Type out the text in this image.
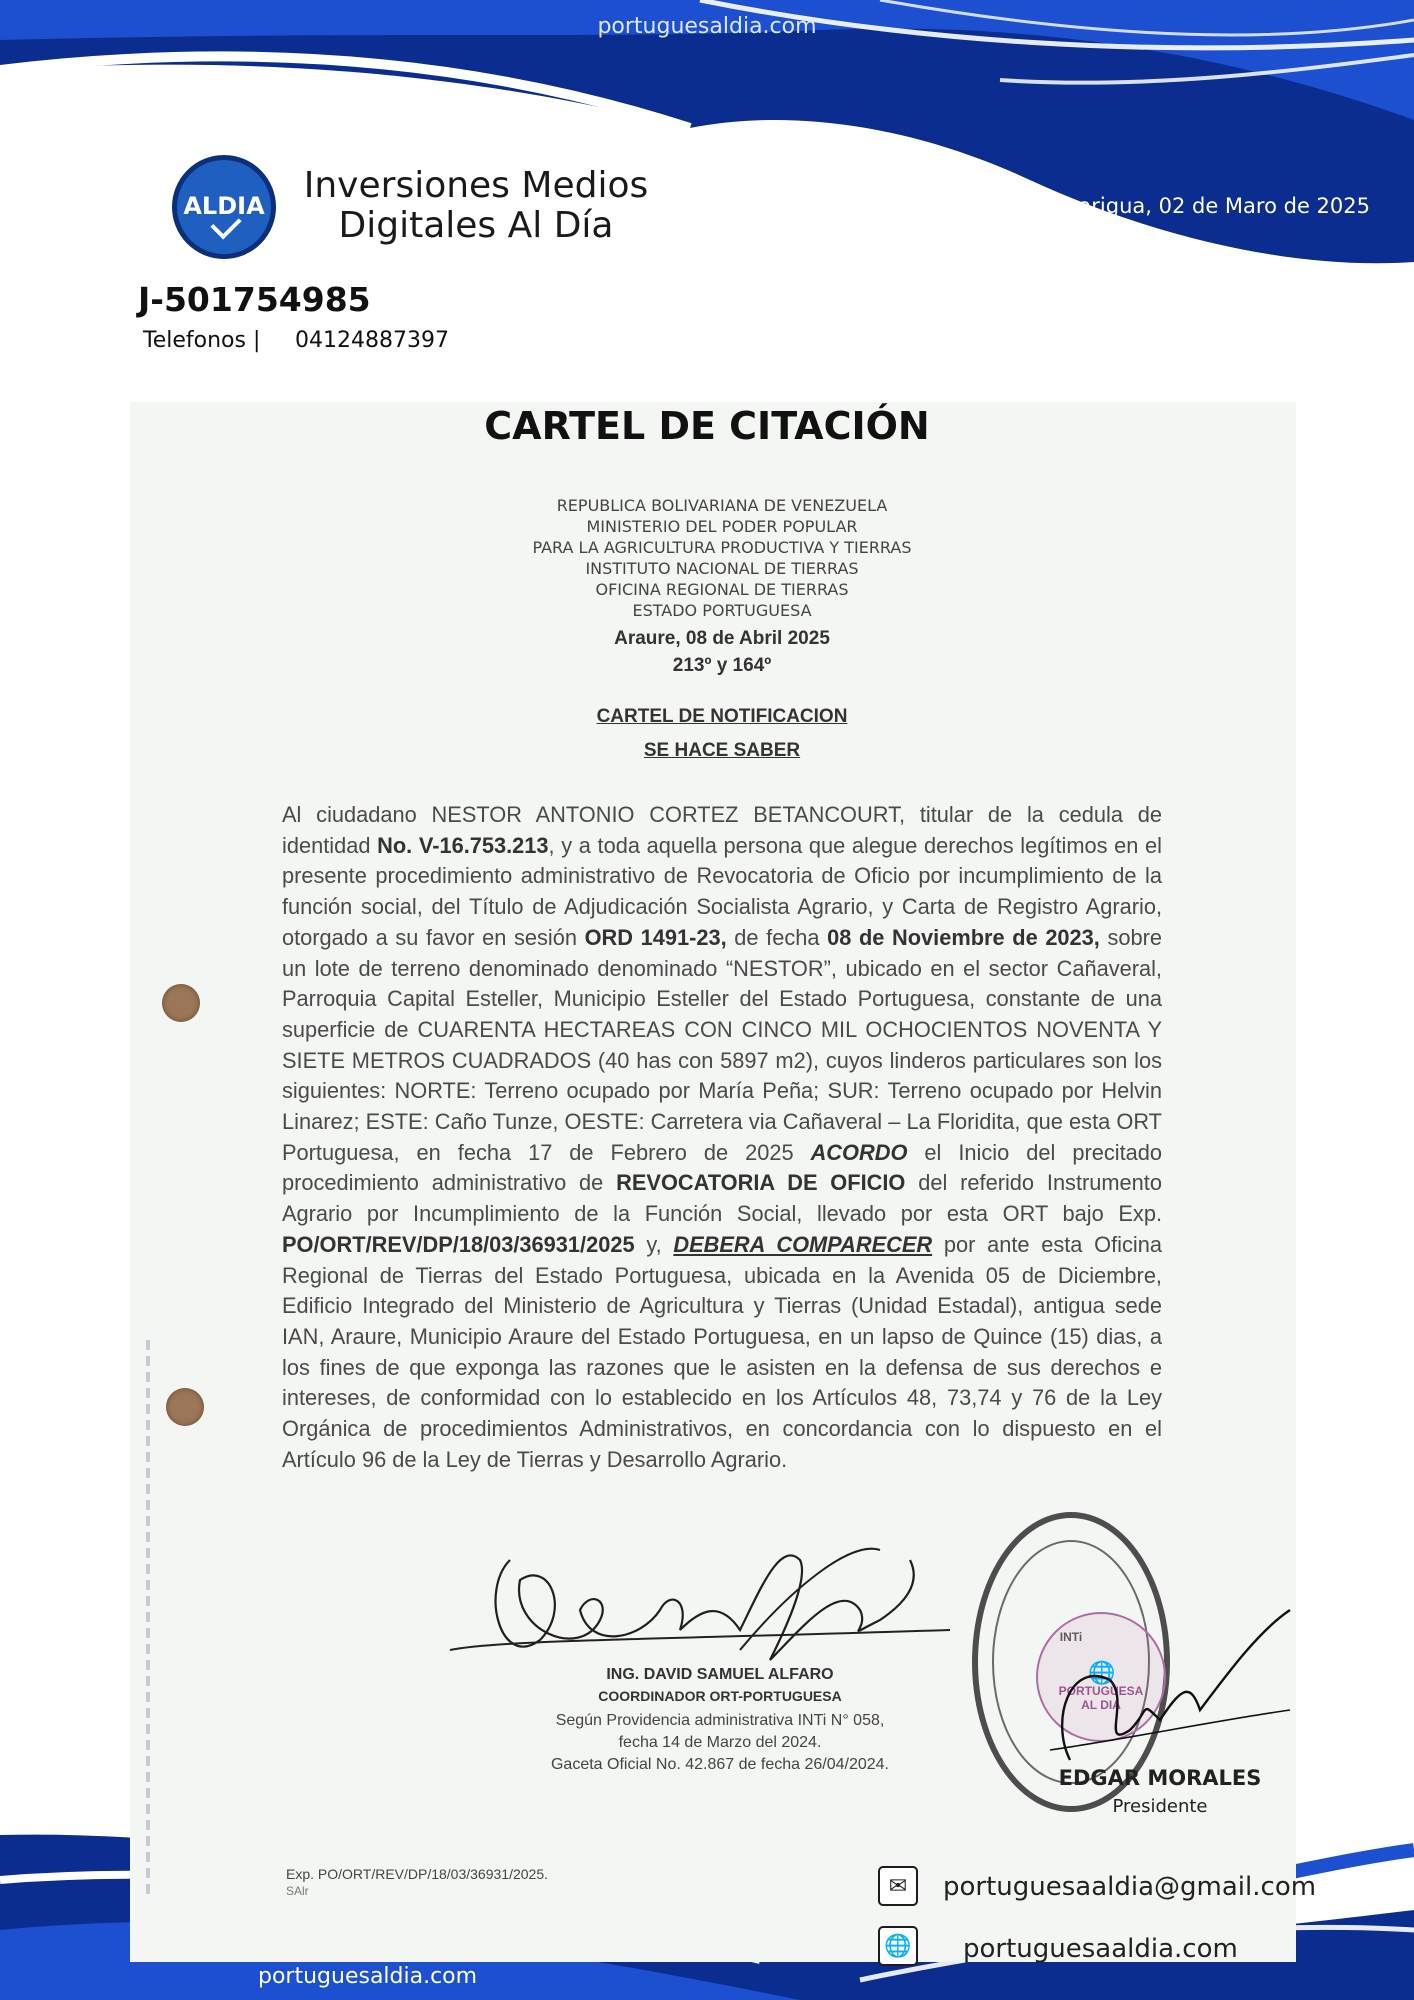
portuguesaldia.com
ALDIA Inversiones Medios
Digitales Al Día	Acarigua, 02 de Maro de 2025
J-501754985
Telefonos | 04124887397
CARTEL DE CITACIÓN
REPUBLICA BOLIVARIANA DE VENEZUELA
MINISTERIO DEL PODER POPULAR
PARA LA AGRICULTURA PRODUCTIVA Y TIERRAS
INSTITUTO NACIONAL DE TIERRAS
OFICINA REGIONAL DE TIERRAS
ESTADO PORTUGUESA
Araure, 08 de Abril 2025
213º y 164º
CARTEL DE NOTIFICACION
SE HACE SABER
Al ciudadano NESTOR ANTONIO CORTEZ BETANCOURT, titular de la cedula de identidad No. V-16.753.213, y a toda aquella persona que alegue derechos legítimos en el presente procedimiento administrativo de Revocatoria de Oficio por incumplimiento de la función social, del Título de Adjudicación Socialista Agrario, y Carta de Registro Agrario, otorgado a su favor en sesión ORD 1491-23, de fecha 08 de Noviembre de 2023, sobre un lote de terreno denominado denominado “NESTOR”, ubicado en el sector Cañaveral, Parroquia Capital Esteller, Municipio Esteller del Estado Portuguesa, constante de una superficie de CUARENTA HECTAREAS CON CINCO MIL OCHOCIENTOS NOVENTA Y SIETE METROS CUADRADOS (40 has con 5897 m2), cuyos linderos particulares son los siguientes: NORTE: Terreno ocupado por María Peña; SUR: Terreno ocupado por Helvin Linarez; ESTE: Caño Tunze, OESTE: Carretera via Cañaveral – La Floridita, que esta ORT Portuguesa, en fecha 17 de Febrero de 2025 ACORDO el Inicio del precitado procedimiento administrativo de REVOCATORIA DE OFICIO del referido Instrumento Agrario por Incumplimiento de la Función Social, llevado por esta ORT bajo Exp. PO/ORT/REV/DP/18/03/36931/2025 y, DEBERA COMPARECER por ante esta Oficina Regional de Tierras del Estado Portuguesa, ubicada en la Avenida 05 de Diciembre, Edificio Integrado del Ministerio de Agricultura y Tierras (Unidad Estadal), antigua sede IAN, Araure, Municipio Araure del Estado Portuguesa, en un lapso de Quince (15) dias, a los fines de que exponga las razones que le asisten en la defensa de sus derechos e intereses, de conformidad con lo establecido en los Artículos 48, 73,74 y 76 de la Ley Orgánica de procedimientos Administrativos, en concordancia con lo dispuesto en el Artículo 96 de la Ley de Tierras y Desarrollo Agrario.
ING. DAVID SAMUEL ALFARO
COORDINADOR ORT-PORTUGUESA
Según Providencia administrativa INTi N° 058,
fecha 14 de Marzo del 2024.
Gaceta Oficial No. 42.867 de fecha 26/04/2024.
INTi
🌐
PORTUGUESA
AL DIA
EDGAR MORALES
Presidente
Exp. PO/ORT/REV/DP/18/03/36931/2025.
SAlr	✉	portuguesaaldia@gmail.com
🌐 portuguesaaldia.com
portuguesaldia.com
